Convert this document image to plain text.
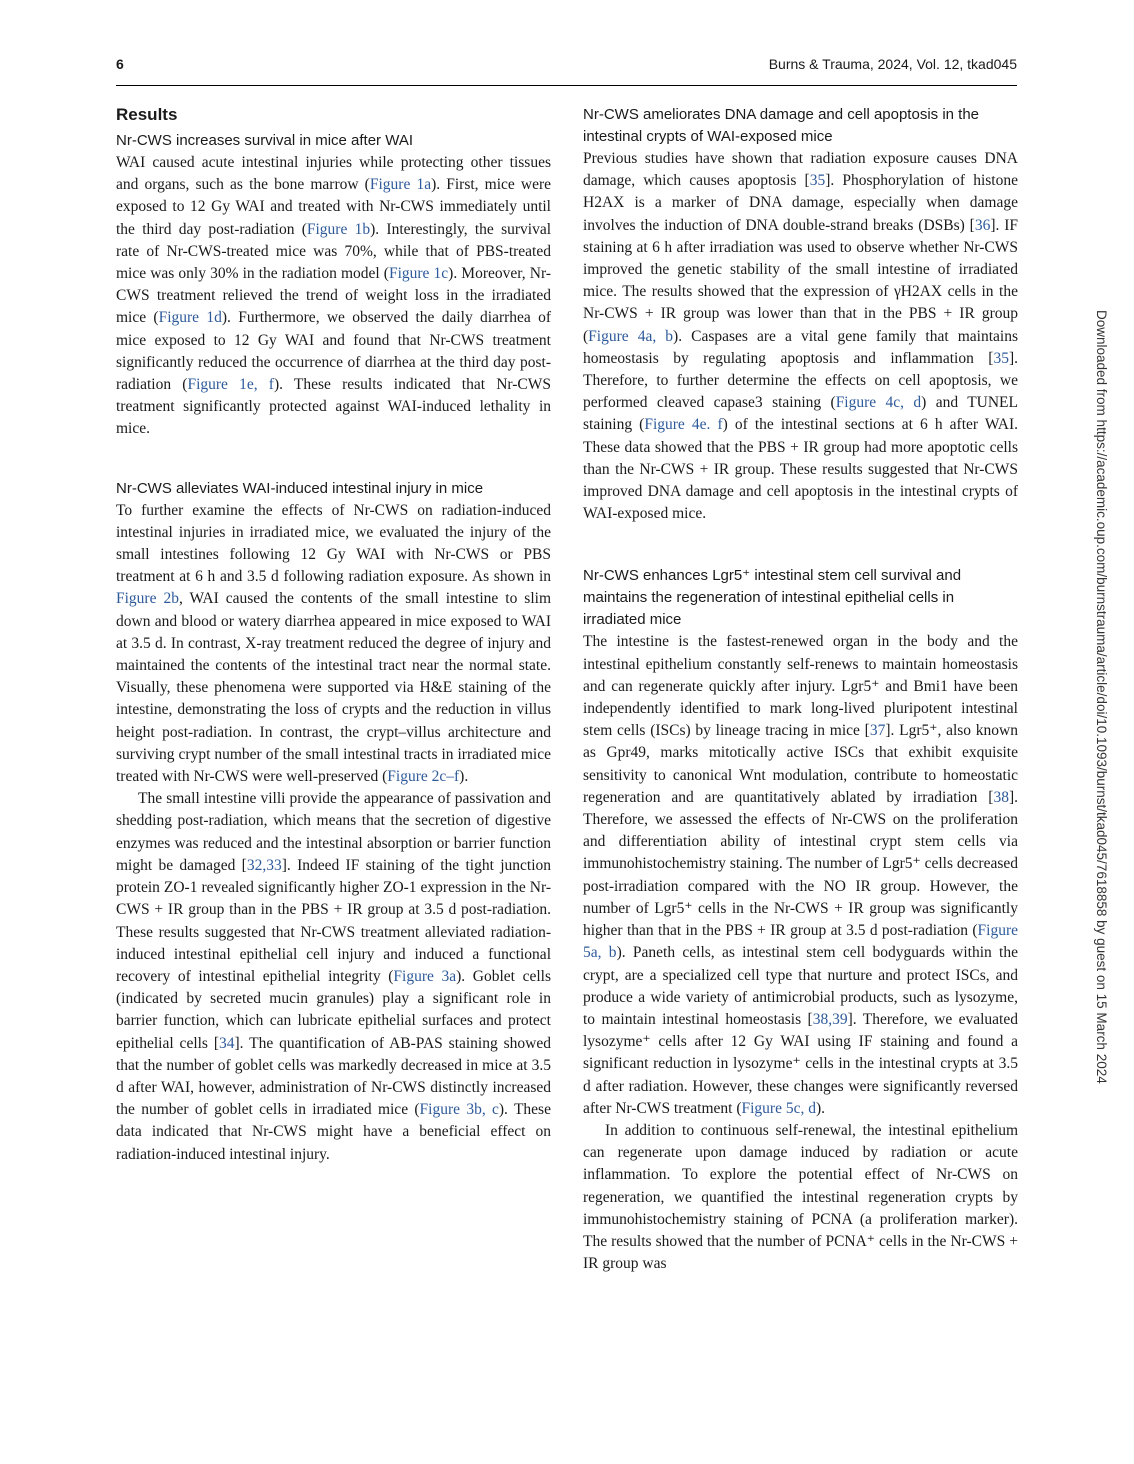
6	Burns & Trauma, 2024, Vol. 12, tkad045
Results
Nr-CWS increases survival in mice after WAI

WAI caused acute intestinal injuries while protecting other tissues and organs, such as the bone marrow (Figure 1a). First, mice were exposed to 12 Gy WAI and treated with Nr-CWS immediately until the third day post-radiation (Figure 1b). Interestingly, the survival rate of Nr-CWS-treated mice was 70%, while that of PBS-treated mice was only 30% in the radiation model (Figure 1c). Moreover, Nr-CWS treatment relieved the trend of weight loss in the irradiated mice (Figure 1d). Furthermore, we observed the daily diarrhea of mice exposed to 12 Gy WAI and found that Nr-CWS treatment significantly reduced the occurrence of diarrhea at the third day post-radiation (Figure 1e, f). These results indicated that Nr-CWS treatment significantly protected against WAI-induced lethality in mice.

Nr-CWS alleviates WAI-induced intestinal injury in mice

To further examine the effects of Nr-CWS on radiation-induced intestinal injuries in irradiated mice, we evaluated the injury of the small intestines following 12 Gy WAI with Nr-CWS or PBS treatment at 6 h and 3.5 d following radiation exposure. As shown in Figure 2b, WAI caused the contents of the small intestine to slim down and blood or watery diarrhea appeared in mice exposed to WAI at 3.5 d. In contrast, X-ray treatment reduced the degree of injury and maintained the contents of the intestinal tract near the normal state. Visually, these phenomena were supported via H&E staining of the intestine, demonstrating the loss of crypts and the reduction in villus height post-radiation. In contrast, the crypt–villus architecture and surviving crypt number of the small intestinal tracts in irradiated mice treated with Nr-CWS were well-preserved (Figure 2c–f).

The small intestine villi provide the appearance of passivation and shedding post-radiation, which means that the secretion of digestive enzymes was reduced and the intestinal absorption or barrier function might be damaged [32,33]. Indeed IF staining of the tight junction protein ZO-1 revealed significantly higher ZO-1 expression in the Nr-CWS + IR group than in the PBS + IR group at 3.5 d post-radiation. These results suggested that Nr-CWS treatment alleviated radiation-induced intestinal epithelial cell injury and induced a functional recovery of intestinal epithelial integrity (Figure 3a). Goblet cells (indicated by secreted mucin granules) play a significant role in barrier function, which can lubricate epithelial surfaces and protect epithelial cells [34]. The quantification of AB-PAS staining showed that the number of goblet cells was markedly decreased in mice at 3.5 d after WAI, however, administration of Nr-CWS distinctly increased the number of goblet cells in irradiated mice (Figure 3b, c). These data indicated that Nr-CWS might have a beneficial effect on radiation-induced intestinal injury.

Nr-CWS ameliorates DNA damage and cell apoptosis in the intestinal crypts of WAI-exposed mice

Previous studies have shown that radiation exposure causes DNA damage, which causes apoptosis [35]. Phosphorylation of histone H2AX is a marker of DNA damage, especially when damage involves the induction of DNA double-strand breaks (DSBs) [36]. IF staining at 6 h after irradiation was used to observe whether Nr-CWS improved the genetic stability of the small intestine of irradiated mice. The results showed that the expression of γH2AX cells in the Nr-CWS + IR group was lower than that in the PBS + IR group (Figure 4a, b). Caspases are a vital gene family that maintains homeostasis by regulating apoptosis and inflammation [35]. Therefore, to further determine the effects on cell apoptosis, we performed cleaved capase3 staining (Figure 4c, d) and TUNEL staining (Figure 4e. f) of the intestinal sections at 6 h after WAI. These data showed that the PBS + IR group had more apoptotic cells than the Nr-CWS + IR group. These results suggested that Nr-CWS improved DNA damage and cell apoptosis in the intestinal crypts of WAI-exposed mice.

Nr-CWS enhances Lgr5⁺ intestinal stem cell survival and maintains the regeneration of intestinal epithelial cells in irradiated mice

The intestine is the fastest-renewed organ in the body and the intestinal epithelium constantly self-renews to maintain homeostasis and can regenerate quickly after injury. Lgr5⁺ and Bmi1 have been independently identified to mark long-lived pluripotent intestinal stem cells (ISCs) by lineage tracing in mice [37]. Lgr5⁺, also known as Gpr49, marks mitotically active ISCs that exhibit exquisite sensitivity to canonical Wnt modulation, contribute to homeostatic regeneration and are quantitatively ablated by irradiation [38]. Therefore, we assessed the effects of Nr-CWS on the proliferation and differentiation ability of intestinal crypt stem cells via immunohistochemistry staining. The number of Lgr5⁺ cells decreased post-irradiation compared with the NO IR group. However, the number of Lgr5⁺ cells in the Nr-CWS + IR group was significantly higher than that in the PBS + IR group at 3.5 d post-radiation (Figure 5a, b). Paneth cells, as intestinal stem cell bodyguards within the crypt, are a specialized cell type that nurture and protect ISCs, and produce a wide variety of antimicrobial products, such as lysozyme, to maintain intestinal homeostasis [38,39]. Therefore, we evaluated lysozyme⁺ cells after 12 Gy WAI using IF staining and found a significant reduction in lysozyme⁺ cells in the intestinal crypts at 3.5 d after radiation. However, these changes were significantly reversed after Nr-CWS treatment (Figure 5c, d).

In addition to continuous self-renewal, the intestinal epithelium can regenerate upon damage induced by radiation or acute inflammation. To explore the potential effect of Nr-CWS on regeneration, we quantified the intestinal regeneration crypts by immunohistochemistry staining of PCNA (a proliferation marker). The results showed that the number of PCNA⁺ cells in the Nr-CWS + IR group was

Downloaded from https://academic.oup.com/burnstrauma/article/doi/10.1093/burnst/tkad045/7618858 by guest on 15 March 2024
